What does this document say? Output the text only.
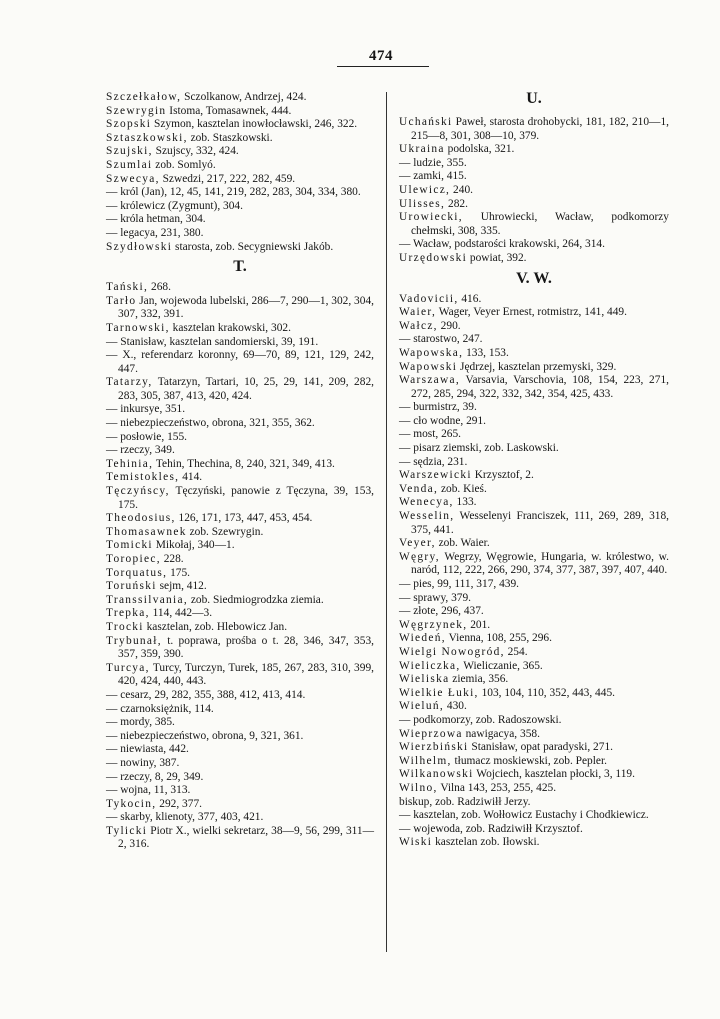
474

Szczełkałow, Sczolkanow, Andrzej, 424.

Szewrygin Istoma, Tomasawnek, 444.

Szopski Szymon, kasztelan inowłocławski, 246, 322.

Sztaszkowski, zob. Staszkowski.

Szujski, Szujscy, 332, 424.

Szumlai zob. Somlyó.

Szwecya, Szwedzi, 217, 222, 282, 459.

— król (Jan), 12, 45, 141, 219, 282, 283, 304, 334, 380.

— królewicz (Zygmunt), 304.

— króla hetman, 304.

— legacya, 231, 380.

Szydłowski starosta, zob. Secygniewski Jakób.

T.

Tański, 268.

Tarło Jan, wojewoda lubelski, 286—7, 290—1, 302, 304, 307, 332, 391.

Tarnowski, kasztelan krakowski, 302.

— Stanisław, kasztelan sandomierski, 39, 191.

— X., referendarz koronny, 69—70, 89, 121, 129, 242, 447.

Tatarzy, Tatarzyn, Tartari, 10, 25, 29, 141, 209, 282, 283, 305, 387, 413, 420, 424.

— inkursye, 351.

— niebezpieczeństwo, obrona, 321, 355, 362.

— posłowie, 155.

— rzeczy, 349.

Tehinia, Tehin, Thechina, 8, 240, 321, 349, 413.

Temistokles, 414.

Tęczyńscy, Tęczyński, panowie z Tęczyna, 39, 153, 175.

Theodosius, 126, 171, 173, 447, 453, 454.

Thomasawnek zob. Szewrygin.

Tomicki Mikołaj, 340—1.

Toropiec, 228.

Torquatus, 175.

Toruński sejm, 412.

Transsilvania, zob. Siedmiogrodzka ziemia.

Trepka, 114, 442—3.

Trocki kasztelan, zob. Hlebowicz Jan.

Trybunał, t. poprawa, prośba o t. 28, 346, 347, 353, 357, 359, 390.

Turcya, Turcy, Turczyn, Turek, 185, 267, 283, 310, 399, 420, 424, 440, 443.

— cesarz, 29, 282, 355, 388, 412, 413, 414.

— czarnoksiężnik, 114.

— mordy, 385.

— niebezpieczeństwo, obrona, 9, 321, 361.

— niewiasta, 442.

— nowiny, 387.

— rzeczy, 8, 29, 349.

— wojna, 11, 313.

Tykocin, 292, 377.

— skarby, klienoty, 377, 403, 421.

Tylicki Piotr X., wielki sekretarz, 38—9, 56, 299, 311—2, 316.

U.

Uchański Paweł, starosta drohobycki, 181, 182, 210—1, 215—8, 301, 308—10, 379.

Ukraina podolska, 321.

— ludzie, 355.

— zamki, 415.

Ulewicz, 240.

Ulisses, 282.

Urowiecki, Uhrowiecki, Wacław, podkomorzy chełmski, 308, 335.

— Wacław, podstarości krakowski, 264, 314.

Urzędowski powiat, 392.

V. W.

Vadovicii, 416.

Waier, Wager, Veyer Ernest, rotmistrz, 141, 449.

Wałcz, 290.

— starostwo, 247.

Wapowska, 133, 153.

Wapowski Jędrzej, kasztelan przemyski, 329.

Warszawa, Varsavia, Varschovia, 108, 154, 223, 271, 272, 285, 294, 322, 332, 342, 354, 425, 433.

— burmistrz, 39.

— cło wodne, 291.

— most, 265.

— pisarz ziemski, zob. Laskowski.

— sędzia, 231.

Warszewicki Krzysztof, 2.

Venda, zob. Kieś.

Wenecya, 133.

Wesselin, Wesselenyi Franciszek, 111, 269, 289, 318, 375, 441.

Veyer, zob. Waier.

Węgry, Wegrzy, Węgrowie, Hungaria, w. królestwo, w. naród, 112, 222, 266, 290, 374, 377, 387, 397, 407, 440.

— pies, 99, 111, 317, 439.

— sprawy, 379.

— złote, 296, 437.

Węgrzynek, 201.

Wiedeń, Vienna, 108, 255, 296.

Wielgi Nowogród, 254.

Wieliczka, Wieliczanie, 365.

Wieliska ziemia, 356.

Wielkie Łuki, 103, 104, 110, 352, 443, 445.

Wieluń, 430.

— podkomorzy, zob. Radoszowski.

Wieprzowa nawigacya, 358.

Wierzbiński Stanisław, opat paradyski, 271.

Wilhelm, tłumacz moskiewski, zob. Pepler.

Wilkanowski Wojciech, kasztelan płocki, 3, 119.

Wilno, Vilna 143, 253, 255, 425.

biskup, zob. Radziwiłł Jerzy.

— kasztelan, zob. Wołłowicz Eustachy i Chodkiewicz.

— wojewoda, zob. Radziwiłł Krzysztof.

Wiski kasztelan zob. Iłowski.
